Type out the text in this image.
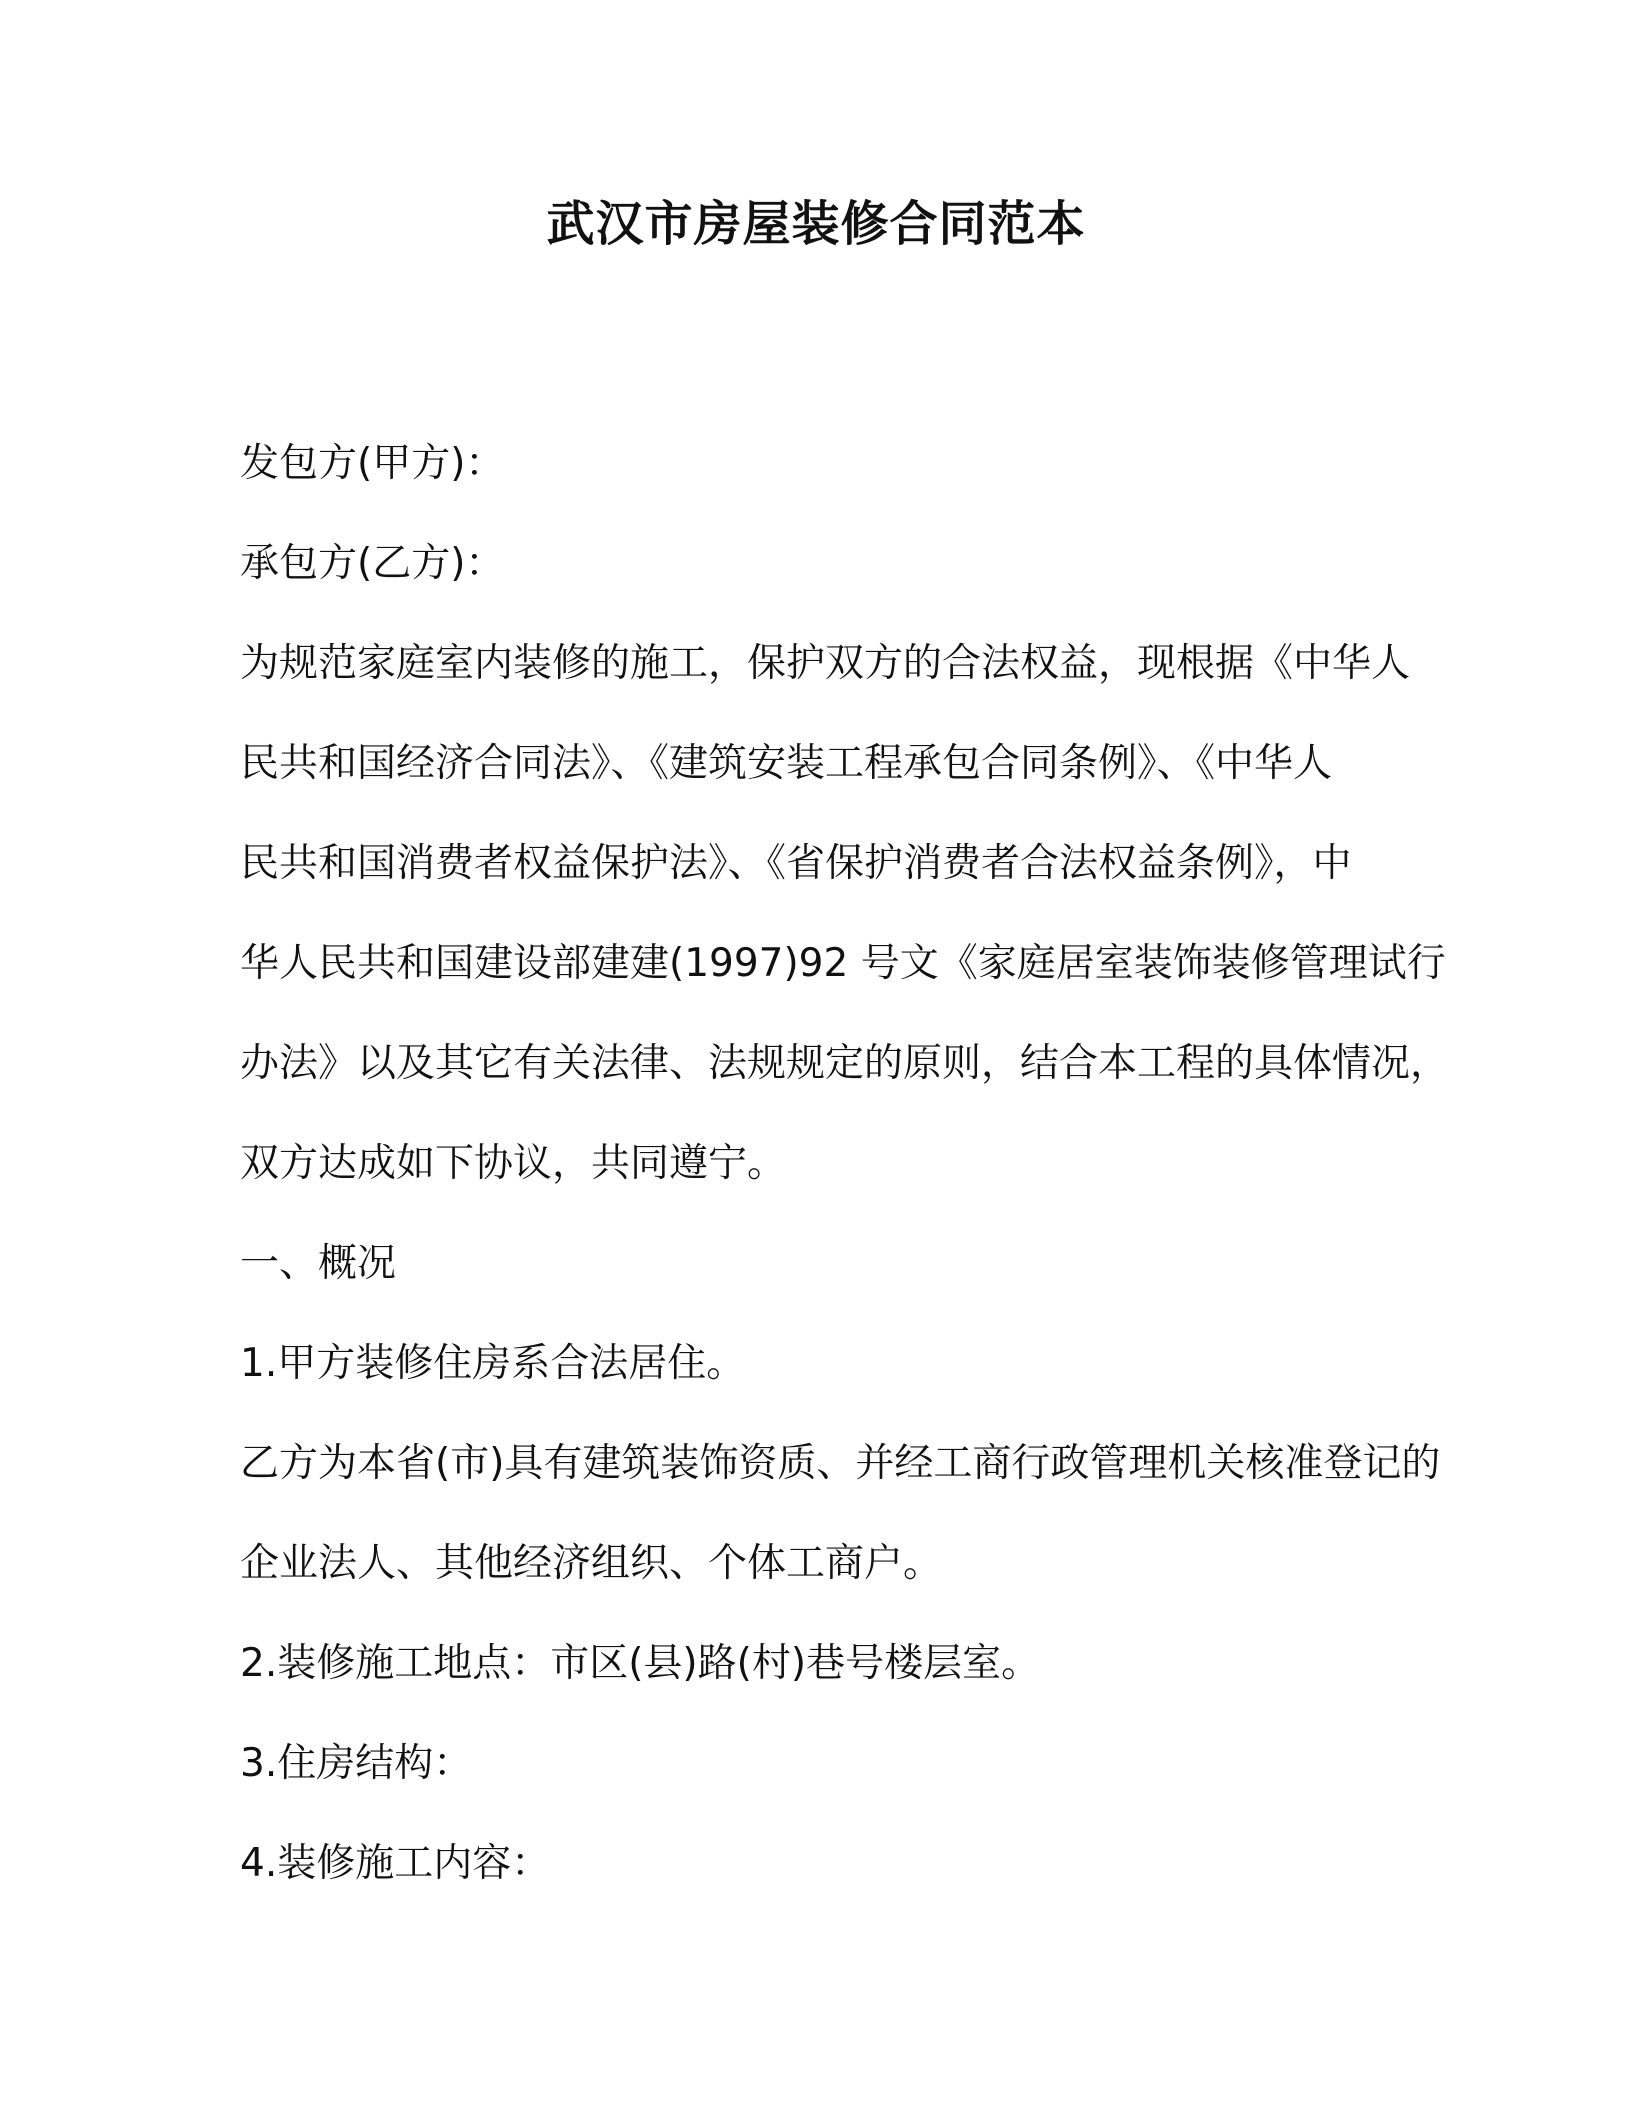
武汉市房屋装修合同范本

发包方(甲方)：

承包方(乙方)：

为规范家庭室内装修的施工，保护双方的合法权益，现根据《中华人

民共和国经济合同法》、《建筑安装工程承包合同条例》、《中华人

民共和国消费者权益保护法》、《省保护消费者合法权益条例》，中

华人民共和国建设部建建(1997)92 号文《家庭居室装饰装修管理试行

办法》以及其它有关法律、法规规定的原则，结合本工程的具体情况，

双方达成如下协议，共同遵宁。

一、概况

1.甲方装修住房系合法居住。

乙方为本省(市)具有建筑装饰资质、并经工商行政管理机关核准登记的

企业法人、其他经济组织、个体工商户。

2.装修施工地点：市区(县)路(村)巷号楼层室。

3.住房结构：

4.装修施工内容：
